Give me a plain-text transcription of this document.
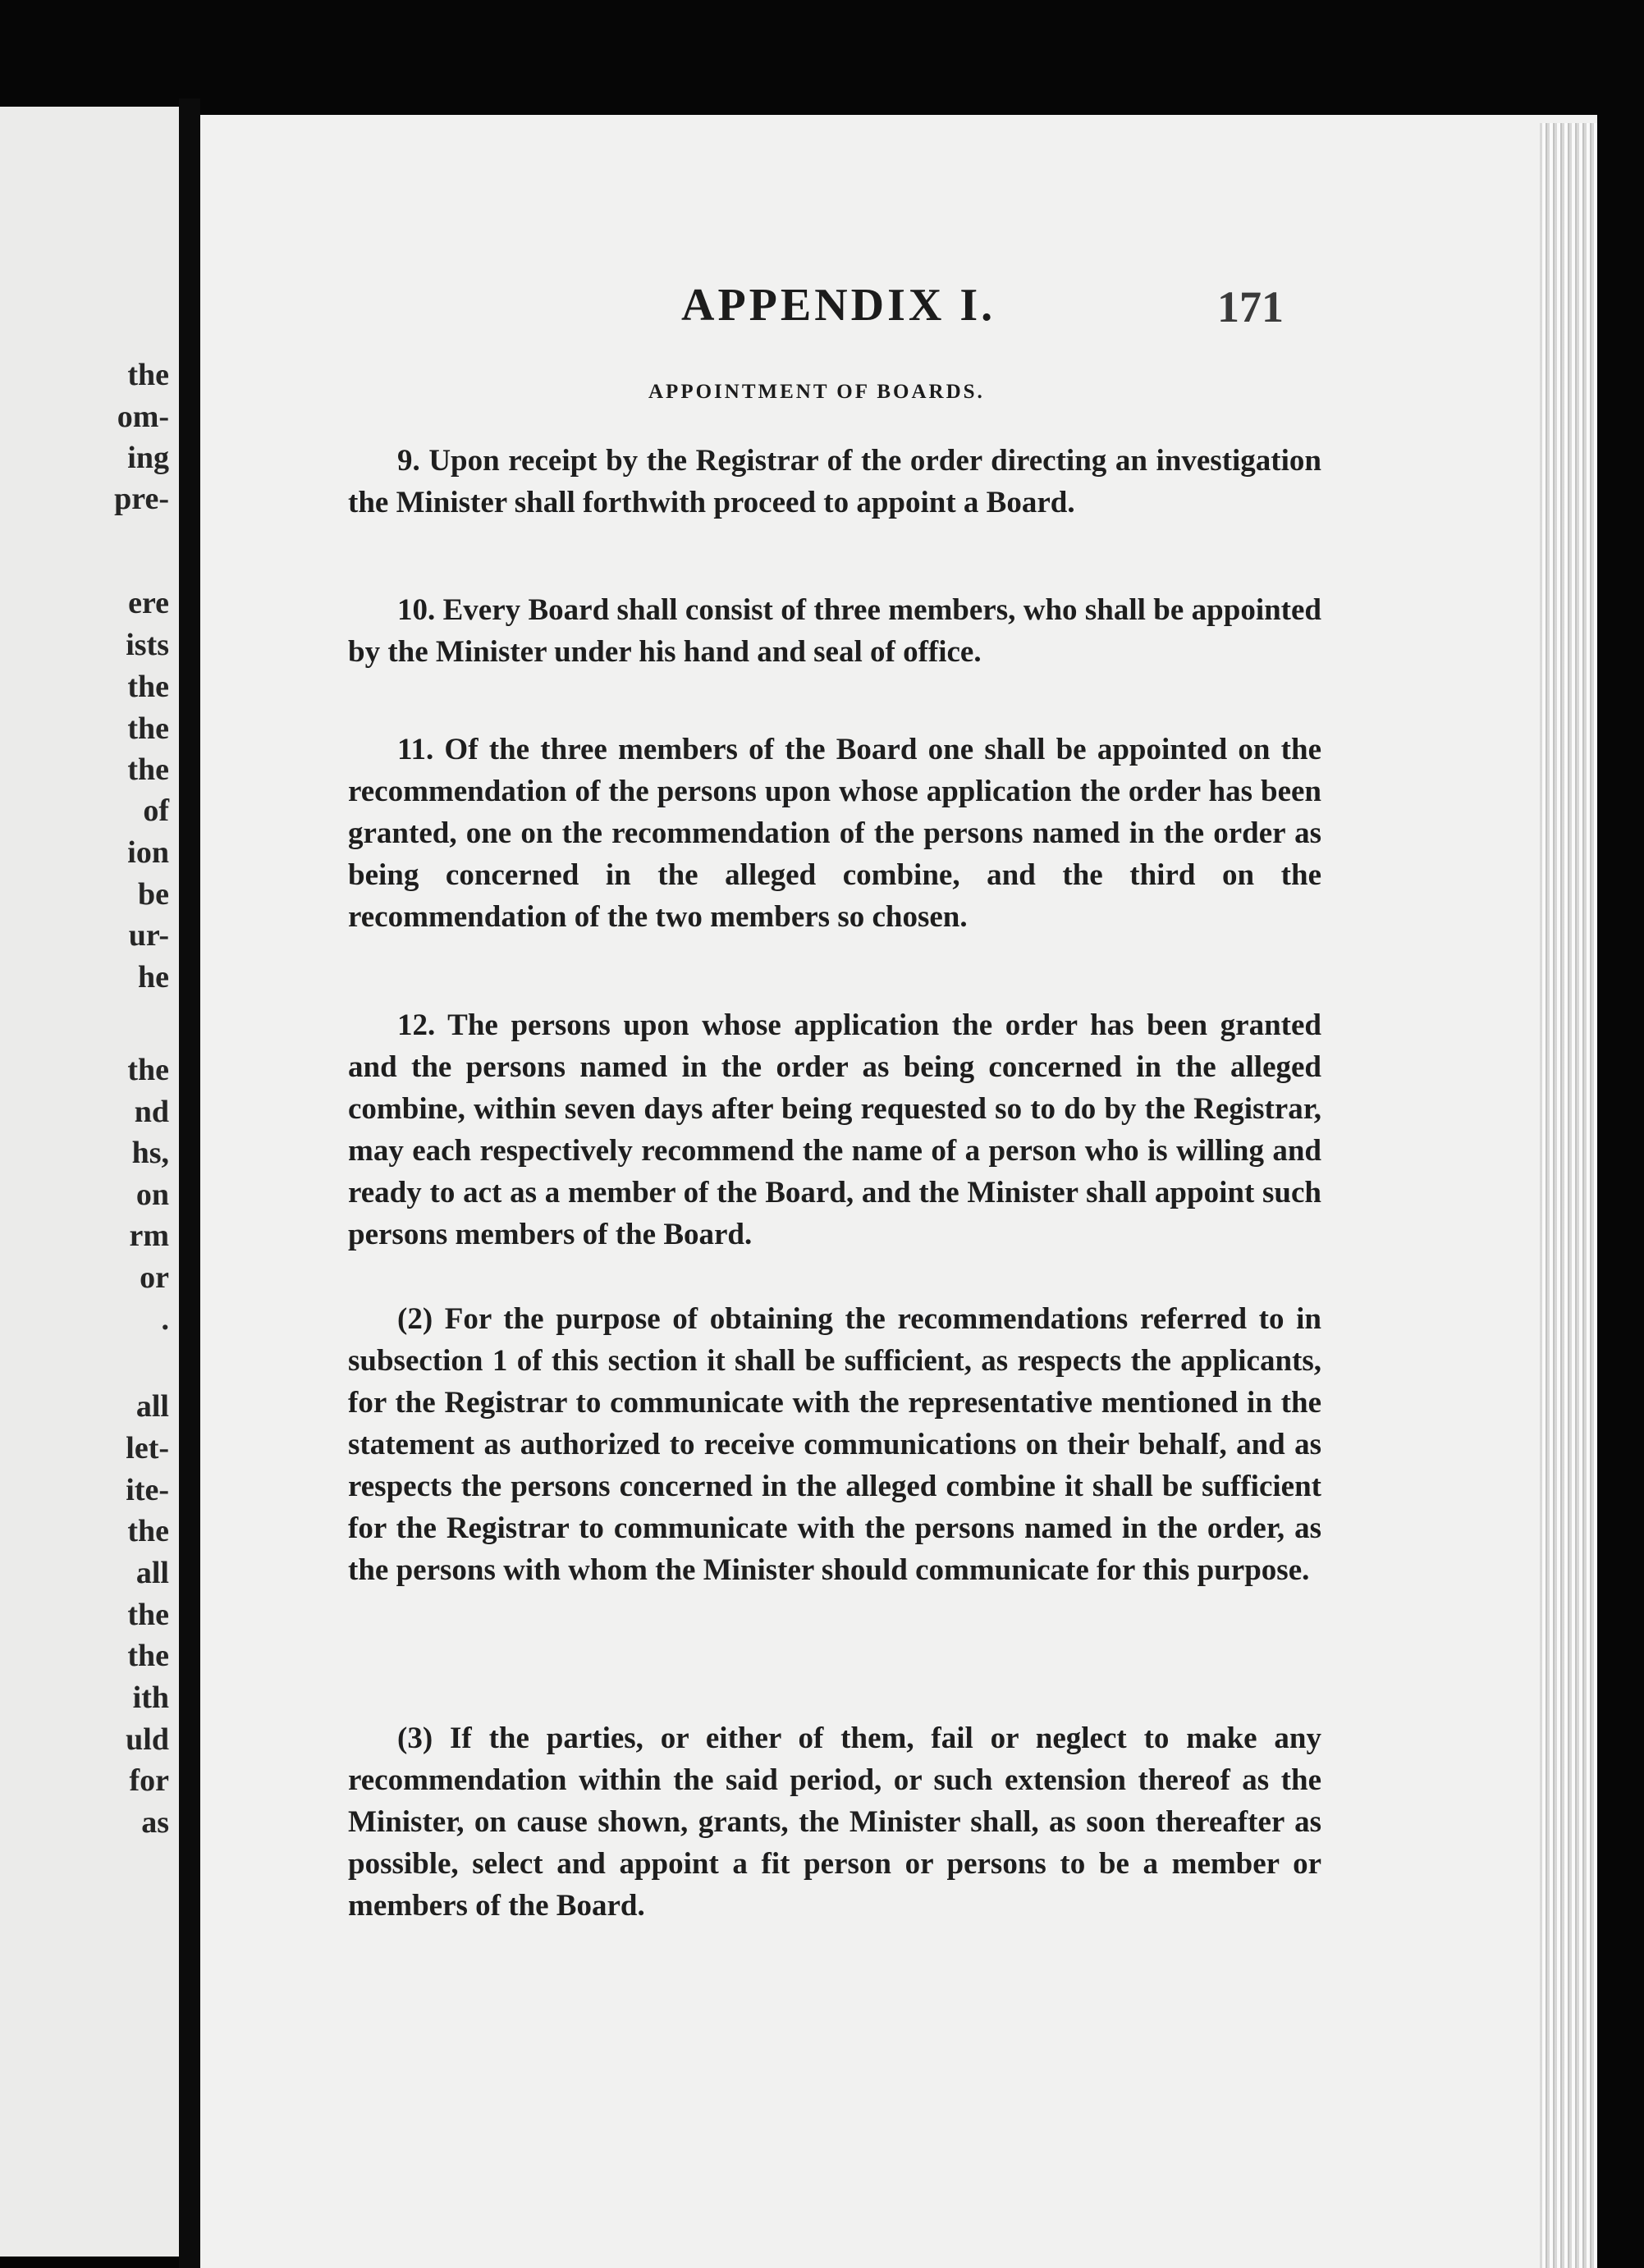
the
om-
ing
pre-
ere
ists
the
the
the
of
ion
be
ur-
he
the
nd
hs,
on
rm
or
.
all
let-
ite-
the
all
the
the
ith
uld
for
as
APPENDIX I.	171
APPOINTMENT OF BOARDS.
9. Upon receipt by the Registrar of the order directing an investigation the Minister shall forthwith proceed to appoint a Board.
10. Every Board shall consist of three members, who shall be appointed by the Minister under his hand and seal of office.
11. Of the three members of the Board one shall be appointed on the recommendation of the persons upon whose application the order has been granted, one on the recommendation of the persons named in the order as being concerned in the alleged combine, and the third on the recommendation of the two members so chosen.
12. The persons upon whose application the order has been granted and the persons named in the order as being concerned in the alleged combine, within seven days after being requested so to do by the Registrar, may each respectively recommend the name of a person who is willing and ready to act as a member of the Board, and the Minister shall appoint such persons members of the Board.
(2) For the purpose of obtaining the recommendations referred to in subsection 1 of this section it shall be sufficient, as respects the applicants, for the Registrar to communicate with the representative mentioned in the statement as authorized to receive communications on their behalf, and as respects the persons concerned in the alleged combine it shall be sufficient for the Registrar to communicate with the persons named in the order, as the persons with whom the Minister should communicate for this purpose.
(3) If the parties, or either of them, fail or neglect to make any recommendation within the said period, or such extension thereof as the Minister, on cause shown, grants, the Minister shall, as soon thereafter as possible, select and appoint a fit person or persons to be a member or members of the Board.
